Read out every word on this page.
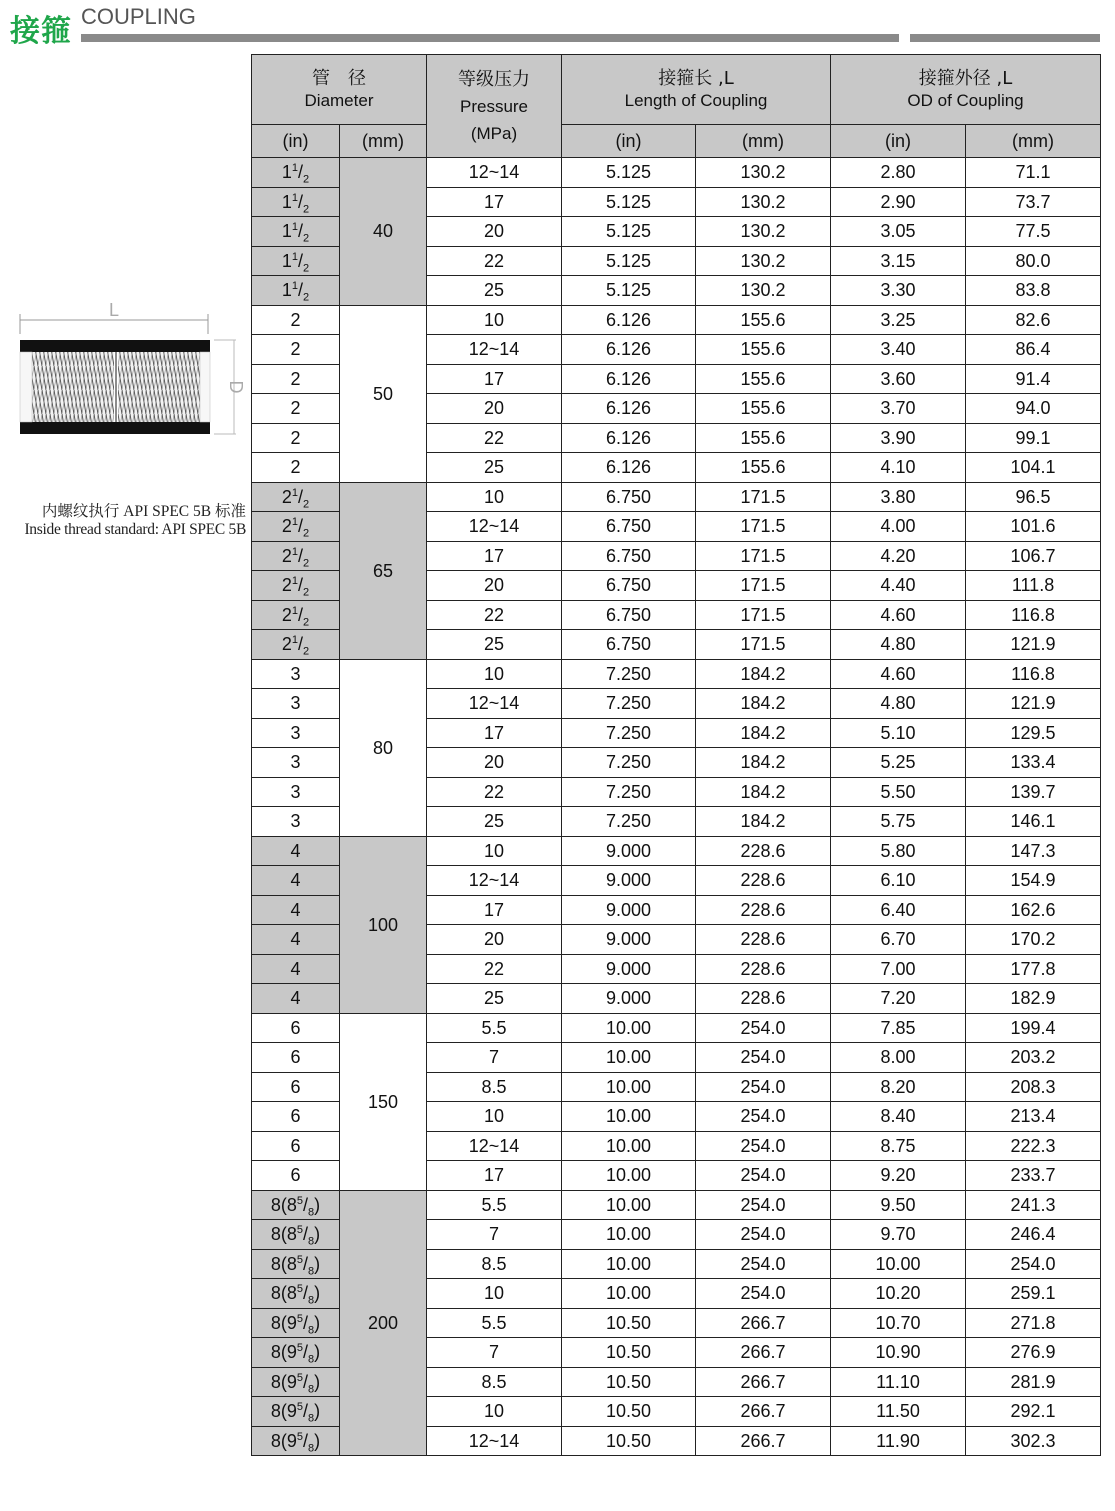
接箍 COUPLING
L
D
内螺纹执行 API SPEC 5B 标准
Inside thread standard: API SPEC 5B
管　径
Diameter		等级压力
Pressure
(MPa)	接箍长 ,L
Length of Coupling		接箍外径 ,L
OD of Coupling	

(in)	(mm)		(in)	(mm)	(in)	(mm)
$1^1/_2$	40	12~14	5.125	130.2	2.80	71.1
$1^1/_2$		17	5.125	130.2	2.90	73.7
$1^1/_2$		20	5.125	130.2	3.05	77.5
$1^1/_2$		22	5.125	130.2	3.15	80.0
$1^1/_2$		25	5.125	130.2	3.30	83.8
2	50	10	6.126	155.6	3.25	82.6
2		12~14	6.126	155.6	3.40	86.4
2		17	6.126	155.6	3.60	91.4
2		20	6.126	155.6	3.70	94.0
2		22	6.126	155.6	3.90	99.1
2		25	6.126	155.6	4.10	104.1
$2^1/_2$	65	10	6.750	171.5	3.80	96.5
$2^1/_2$		12~14	6.750	171.5	4.00	101.6
$2^1/_2$		17	6.750	171.5	4.20	106.7
$2^1/_2$		20	6.750	171.5	4.40	111.8
$2^1/_2$		22	6.750	171.5	4.60	116.8
$2^1/_2$		25	6.750	171.5	4.80	121.9
3	80	10	7.250	184.2	4.60	116.8
3		12~14	7.250	184.2	4.80	121.9
3		17	7.250	184.2	5.10	129.5
3		20	7.250	184.2	5.25	133.4
3		22	7.250	184.2	5.50	139.7
3		25	7.250	184.2	5.75	146.1
4	100	10	9.000	228.6	5.80	147.3
4		12~14	9.000	228.6	6.10	154.9
4		17	9.000	228.6	6.40	162.6
4		20	9.000	228.6	6.70	170.2
4		22	9.000	228.6	7.00	177.8
4		25	9.000	228.6	7.20	182.9
6	150	5.5	10.00	254.0	7.85	199.4
6		7	10.00	254.0	8.00	203.2
6		8.5	10.00	254.0	8.20	208.3
6		10	10.00	254.0	8.40	213.4
6		12~14	10.00	254.0	8.75	222.3
6		17	10.00	254.0	9.20	233.7
$8(8^5/_8)$	200	5.5	10.00	254.0	9.50	241.3
$8(8^5/_8)$		7	10.00	254.0	9.70	246.4
$8(8^5/_8)$		8.5	10.00	254.0	10.00	254.0
$8(8^5/_8)$		10	10.00	254.0	10.20	259.1
$8(9^5/_8)$		5.5	10.50	266.7	10.70	271.8
$8(9^5/_8)$		7	10.50	266.7	10.90	276.9
$8(9^5/_8)$		8.5	10.50	266.7	11.10	281.9
$8(9^5/_8)$		10	10.50	266.7	11.50	292.1
$8(9^5/_8)$		12~14	10.50	266.7	11.90	302.3
